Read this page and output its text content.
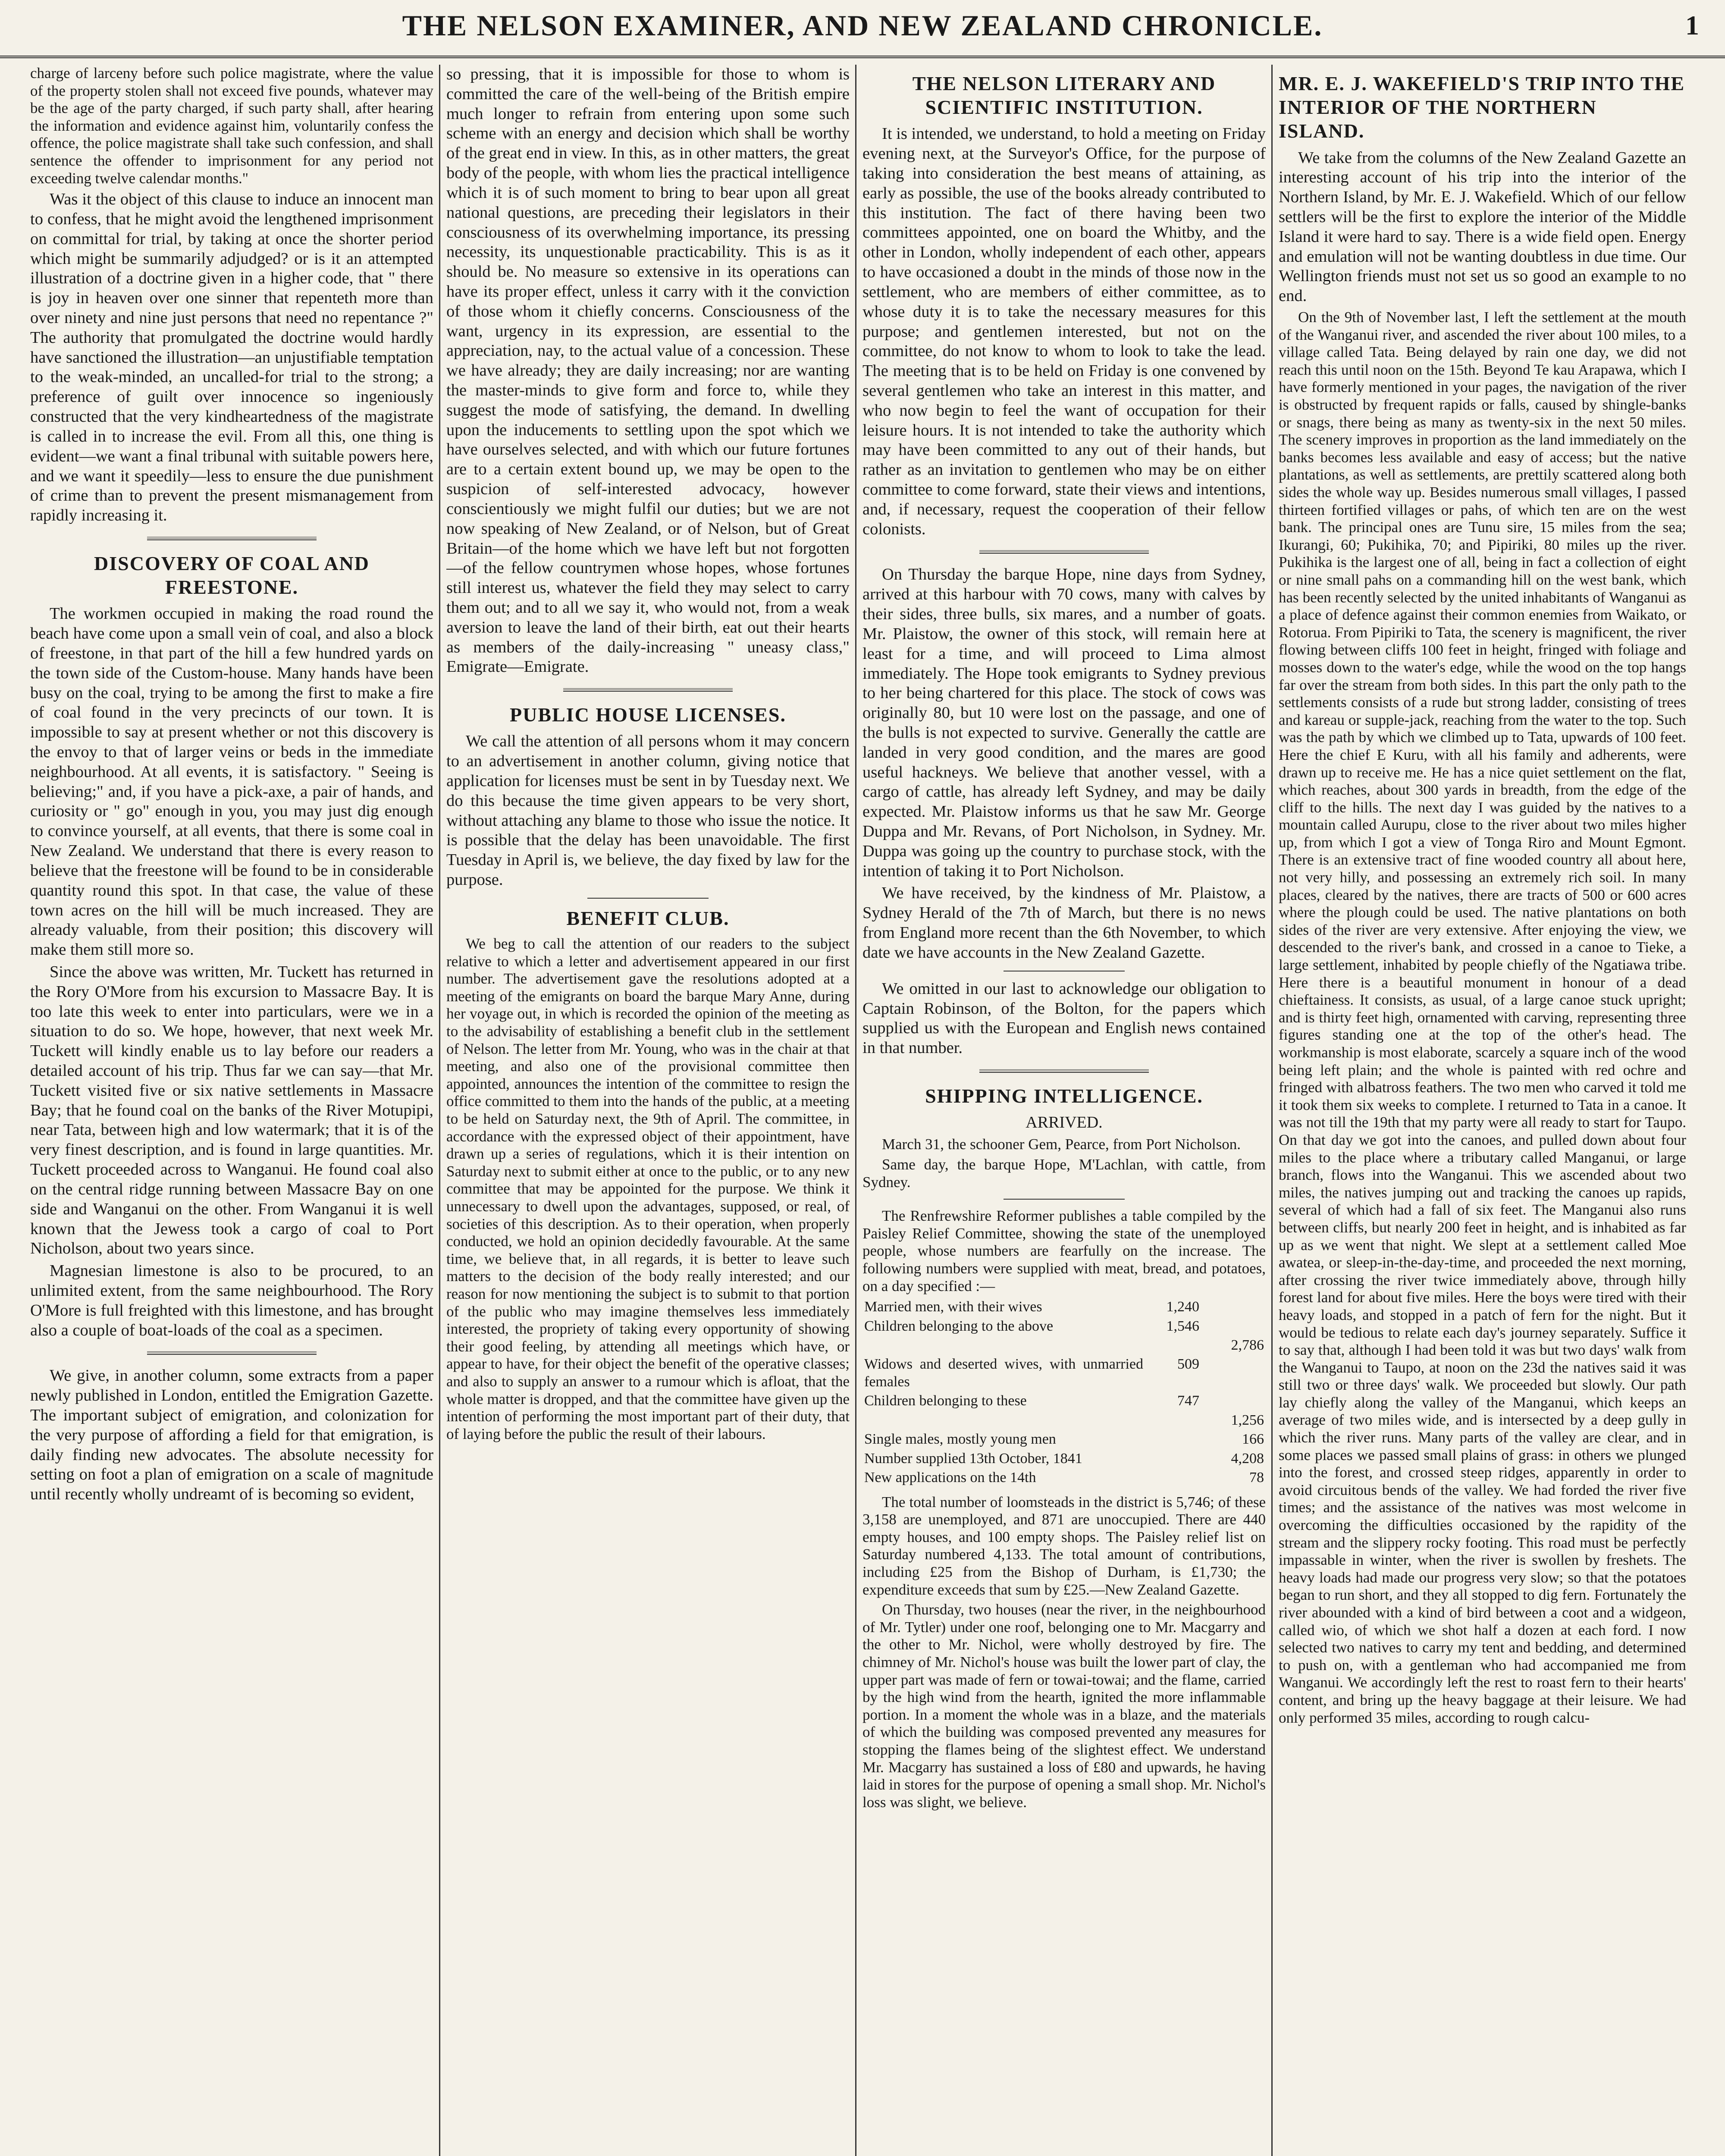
THE NELSON EXAMINER, AND NEW ZEALAND CHRONICLE.	1

charge of larceny before such police magistrate, where the value of the property stolen shall not exceed five pounds, whatever may be the age of the party charged, if such party shall, after hearing the information and evidence against him, voluntarily confess the offence, the police magistrate shall take such confession, and shall sentence the offender to imprisonment for any period not exceeding twelve calendar months."

Was it the object of this clause to induce an innocent man to confess, that he might avoid the lengthened imprisonment on committal for trial, by taking at once the shorter period which might be summarily adjudged? or is it an attempted illustration of a doctrine given in a higher code, that " there is joy in heaven over one sinner that repenteth more than over ninety and nine just persons that need no repentance ?" The authority that promulgated the doctrine would hardly have sanctioned the illustration—an unjustifiable temptation to the weak-minded, an uncalled-for trial to the strong; a preference of guilt over innocence so ingeniously constructed that the very kindheartedness of the magistrate is called in to increase the evil. From all this, one thing is evident—we want a final tribunal with suitable powers here, and we want it speedily—less to ensure the due punishment of crime than to prevent the present mismanagement from rapidly increasing it.

DISCOVERY OF COAL AND FREESTONE.

The workmen occupied in making the road round the beach have come upon a small vein of coal, and also a block of freestone, in that part of the hill a few hundred yards on the town side of the Custom-house. Many hands have been busy on the coal, trying to be among the first to make a fire of coal found in the very precincts of our town. It is impossible to say at present whether or not this discovery is the envoy to that of larger veins or beds in the immediate neighbourhood. At all events, it is satisfactory. " Seeing is believing;" and, if you have a pick-axe, a pair of hands, and curiosity or " go" enough in you, you may just dig enough to convince yourself, at all events, that there is some coal in New Zealand. We understand that there is every reason to believe that the freestone will be found to be in considerable quantity round this spot. In that case, the value of these town acres on the hill will be much increased. They are already valuable, from their position; this discovery will make them still more so.

Since the above was written, Mr. Tuckett has returned in the Rory O'More from his excursion to Massacre Bay. It is too late this week to enter into particulars, were we in a situation to do so. We hope, however, that next week Mr. Tuckett will kindly enable us to lay before our readers a detailed account of his trip. Thus far we can say—that Mr. Tuckett visited five or six native settlements in Massacre Bay; that he found coal on the banks of the River Motupipi, near Tata, between high and low watermark; that it is of the very finest description, and is found in large quantities. Mr. Tuckett proceeded across to Wanganui. He found coal also on the central ridge running between Massacre Bay on one side and Wanganui on the other. From Wanganui it is well known that the Jewess took a cargo of coal to Port Nicholson, about two years since.

Magnesian limestone is also to be procured, to an unlimited extent, from the same neighbourhood. The Rory O'More is full freighted with this limestone, and has brought also a couple of boat-loads of the coal as a specimen.

We give, in another column, some extracts from a paper newly published in London, entitled the Emigration Gazette. The important subject of emigration, and colonization for the very purpose of affording a field for that emigration, is daily finding new advocates. The absolute necessity for setting on foot a plan of emigration on a scale of magnitude until recently wholly undreamt of is becoming so evident,

so pressing, that it is impossible for those to whom is committed the care of the well-being of the British empire much longer to refrain from entering upon some such scheme with an energy and decision which shall be worthy of the great end in view. In this, as in other matters, the great body of the people, with whom lies the practical intelligence which it is of such moment to bring to bear upon all great national questions, are preceding their legislators in their consciousness of its overwhelming importance, its pressing necessity, its unquestionable practicability. This is as it should be. No measure so extensive in its operations can have its proper effect, unless it carry with it the conviction of those whom it chiefly concerns. Consciousness of the want, urgency in its expression, are essential to the appreciation, nay, to the actual value of a concession. These we have already; they are daily increasing; nor are wanting the master-minds to give form and force to, while they suggest the mode of satisfying, the demand. In dwelling upon the inducements to settling upon the spot which we have ourselves selected, and with which our future fortunes are to a certain extent bound up, we may be open to the suspicion of self-interested advocacy, however conscientiously we might fulfil our duties; but we are not now speaking of New Zealand, or of Nelson, but of Great Britain—of the home which we have left but not forgotten—of the fellow countrymen whose hopes, whose fortunes still interest us, whatever the field they may select to carry them out; and to all we say it, who would not, from a weak aversion to leave the land of their birth, eat out their hearts as members of the daily-increasing " uneasy class," Emigrate—Emigrate.

PUBLIC HOUSE LICENSES.

We call the attention of all persons whom it may concern to an advertisement in another column, giving notice that application for licenses must be sent in by Tuesday next. We do this because the time given appears to be very short, without attaching any blame to those who issue the notice. It is possible that the delay has been unavoidable. The first Tuesday in April is, we believe, the day fixed by law for the purpose.

BENEFIT CLUB.

We beg to call the attention of our readers to the subject relative to which a letter and advertisement appeared in our first number. The advertisement gave the resolutions adopted at a meeting of the emigrants on board the barque Mary Anne, during her voyage out, in which is recorded the opinion of the meeting as to the advisability of establishing a benefit club in the settlement of Nelson. The letter from Mr. Young, who was in the chair at that meeting, and also one of the provisional committee then appointed, announces the intention of the committee to resign the office committed to them into the hands of the public, at a meeting to be held on Saturday next, the 9th of April. The committee, in accordance with the expressed object of their appointment, have drawn up a series of regulations, which it is their intention on Saturday next to submit either at once to the public, or to any new committee that may be appointed for the purpose. We think it unnecessary to dwell upon the advantages, supposed, or real, of societies of this description. As to their operation, when properly conducted, we hold an opinion decidedly favourable. At the same time, we believe that, in all regards, it is better to leave such matters to the decision of the body really interested; and our reason for now mentioning the subject is to submit to that portion of the public who may imagine themselves less immediately interested, the propriety of taking every opportunity of showing their good feeling, by attending all meetings which have, or appear to have, for their object the benefit of the operative classes; and also to supply an answer to a rumour which is afloat, that the whole matter is dropped, and that the committee have given up the intention of performing the most important part of their duty, that of laying before the public the result of their labours.

THE NELSON LITERARY AND SCIENTIFIC INSTITUTION.

It is intended, we understand, to hold a meeting on Friday evening next, at the Surveyor's Office, for the purpose of taking into consideration the best means of attaining, as early as possible, the use of the books already contributed to this institution. The fact of there having been two committees appointed, one on board the Whitby, and the other in London, wholly independent of each other, appears to have occasioned a doubt in the minds of those now in the settlement, who are members of either committee, as to whose duty it is to take the necessary measures for this purpose; and gentlemen interested, but not on the committee, do not know to whom to look to take the lead. The meeting that is to be held on Friday is one convened by several gentlemen who take an interest in this matter, and who now begin to feel the want of occupation for their leisure hours. It is not intended to take the authority which may have been committed to any out of their hands, but rather as an invitation to gentlemen who may be on either committee to come forward, state their views and intentions, and, if necessary, request the cooperation of their fellow colonists.

On Thursday the barque Hope, nine days from Sydney, arrived at this harbour with 70 cows, many with calves by their sides, three bulls, six mares, and a number of goats. Mr. Plaistow, the owner of this stock, will remain here at least for a time, and will proceed to Lima almost immediately. The Hope took emigrants to Sydney previous to her being chartered for this place. The stock of cows was originally 80, but 10 were lost on the passage, and one of the bulls is not expected to survive. Generally the cattle are landed in very good condition, and the mares are good useful hackneys. We believe that another vessel, with a cargo of cattle, has already left Sydney, and may be daily expected. Mr. Plaistow informs us that he saw Mr. George Duppa and Mr. Revans, of Port Nicholson, in Sydney. Mr. Duppa was going up the country to purchase stock, with the intention of taking it to Port Nicholson.

We have received, by the kindness of Mr. Plaistow, a Sydney Herald of the 7th of March, but there is no news from England more recent than the 6th November, to which date we have accounts in the New Zealand Gazette.

We omitted in our last to acknowledge our obligation to Captain Robinson, of the Bolton, for the papers which supplied us with the European and English news contained in that number.

SHIPPING INTELLIGENCE.
ARRIVED.

March 31, the schooner Gem, Pearce, from Port Nicholson.

Same day, the barque Hope, M'Lachlan, with cattle, from Sydney.

The Renfrewshire Reformer publishes a table compiled by the Paisley Relief Committee, showing the state of the unemployed people, whose numbers are fearfully on the increase. The following numbers were supplied with meat, bread, and potatoes, on a day specified :—

Married men, with their wives	1,240	
Children belonging to the above	1,546	
		2,786
Widows and deserted wives, with unmarried females	509	
Children belonging to these	747	
		1,256
Single males, mostly young men		166
Number supplied 13th October, 1841		4,208
New applications on the 14th		78

The total number of loomsteads in the district is 5,746; of these 3,158 are unemployed, and 871 are unoccupied. There are 440 empty houses, and 100 empty shops. The Paisley relief list on Saturday numbered 4,133. The total amount of contributions, including £25 from the Bishop of Durham, is £1,730; the expenditure exceeds that sum by £25.—New Zealand Gazette.

On Thursday, two houses (near the river, in the neighbourhood of Mr. Tytler) under one roof, belonging one to Mr. Macgarry and the other to Mr. Nichol, were wholly destroyed by fire. The chimney of Mr. Nichol's house was built the lower part of clay, the upper part was made of fern or towai-towai; and the flame, carried by the high wind from the hearth, ignited the more inflammable portion. In a moment the whole was in a blaze, and the materials of which the building was composed prevented any measures for stopping the flames being of the slightest effect. We understand Mr. Macgarry has sustained a loss of £80 and upwards, he having laid in stores for the purpose of opening a small shop. Mr. Nichol's loss was slight, we believe.

MR. E. J. WAKEFIELD'S TRIP INTO THE INTERIOR OF THE NORTHERN ISLAND.

We take from the columns of the New Zealand Gazette an interesting account of his trip into the interior of the Northern Island, by Mr. E. J. Wakefield. Which of our fellow settlers will be the first to explore the interior of the Middle Island it were hard to say. There is a wide field open. Energy and emulation will not be wanting doubtless in due time. Our Wellington friends must not set us so good an example to no end.

On the 9th of November last, I left the settlement at the mouth of the Wanganui river, and ascended the river about 100 miles, to a village called Tata. Being delayed by rain one day, we did not reach this until noon on the 15th. Beyond Te kau Arapawa, which I have formerly mentioned in your pages, the navigation of the river is obstructed by frequent rapids or falls, caused by shingle-banks or snags, there being as many as twenty-six in the next 50 miles. The scenery improves in proportion as the land immediately on the banks becomes less available and easy of access; but the native plantations, as well as settlements, are prettily scattered along both sides the whole way up. Besides numerous small villages, I passed thirteen fortified villages or pahs, of which ten are on the west bank. The principal ones are Tunu sire, 15 miles from the sea; Ikurangi, 60; Pukihika, 70; and Pipiriki, 80 miles up the river. Pukihika is the largest one of all, being in fact a collection of eight or nine small pahs on a commanding hill on the west bank, which has been recently selected by the united inhabitants of Wanganui as a place of defence against their common enemies from Waikato, or Rotorua. From Pipiriki to Tata, the scenery is magnificent, the river flowing between cliffs 100 feet in height, fringed with foliage and mosses down to the water's edge, while the wood on the top hangs far over the stream from both sides. In this part the only path to the settlements consists of a rude but strong ladder, consisting of trees and kareau or supple-jack, reaching from the water to the top. Such was the path by which we climbed up to Tata, upwards of 100 feet. Here the chief E Kuru, with all his family and adherents, were drawn up to receive me. He has a nice quiet settlement on the flat, which reaches, about 300 yards in breadth, from the edge of the cliff to the hills. The next day I was guided by the natives to a mountain called Aurupu, close to the river about two miles higher up, from which I got a view of Tonga Riro and Mount Egmont. There is an extensive tract of fine wooded country all about here, not very hilly, and possessing an extremely rich soil. In many places, cleared by the natives, there are tracts of 500 or 600 acres where the plough could be used. The native plantations on both sides of the river are very extensive. After enjoying the view, we descended to the river's bank, and crossed in a canoe to Tieke, a large settlement, inhabited by people chiefly of the Ngatiawa tribe. Here there is a beautiful monument in honour of a dead chieftainess. It consists, as usual, of a large canoe stuck upright; and is thirty feet high, ornamented with carving, representing three figures standing one at the top of the other's head. The workmanship is most elaborate, scarcely a square inch of the wood being left plain; and the whole is painted with red ochre and fringed with albatross feathers. The two men who carved it told me it took them six weeks to complete. I returned to Tata in a canoe. It was not till the 19th that my party were all ready to start for Taupo. On that day we got into the canoes, and pulled down about four miles to the place where a tributary called Manganui, or large branch, flows into the Wanganui. This we ascended about two miles, the natives jumping out and tracking the canoes up rapids, several of which had a fall of six feet. The Manganui also runs between cliffs, but nearly 200 feet in height, and is inhabited as far up as we went that night. We slept at a settlement called Moe awatea, or sleep-in-the-day-time, and proceeded the next morning, after crossing the river twice immediately above, through hilly forest land for about five miles. Here the boys were tired with their heavy loads, and stopped in a patch of fern for the night. But it would be tedious to relate each day's journey separately. Suffice it to say that, although I had been told it was but two days' walk from the Wanganui to Taupo, at noon on the 23d the natives said it was still two or three days' walk. We proceeded but slowly. Our path lay chiefly along the valley of the Manganui, which keeps an average of two miles wide, and is intersected by a deep gully in which the river runs. Many parts of the valley are clear, and in some places we passed small plains of grass: in others we plunged into the forest, and crossed steep ridges, apparently in order to avoid circuitous bends of the valley. We had forded the river five times; and the assistance of the natives was most welcome in overcoming the difficulties occasioned by the rapidity of the stream and the slippery rocky footing. This road must be perfectly impassable in winter, when the river is swollen by freshets. The heavy loads had made our progress very slow; so that the potatoes began to run short, and they all stopped to dig fern. Fortunately the river abounded with a kind of bird between a coot and a widgeon, called wio, of which we shot half a dozen at each ford. I now selected two natives to carry my tent and bedding, and determined to push on, with a gentleman who had accompanied me from Wanganui. We accordingly left the rest to roast fern to their hearts' content, and bring up the heavy baggage at their leisure. We had only performed 35 miles, according to rough calcu-
